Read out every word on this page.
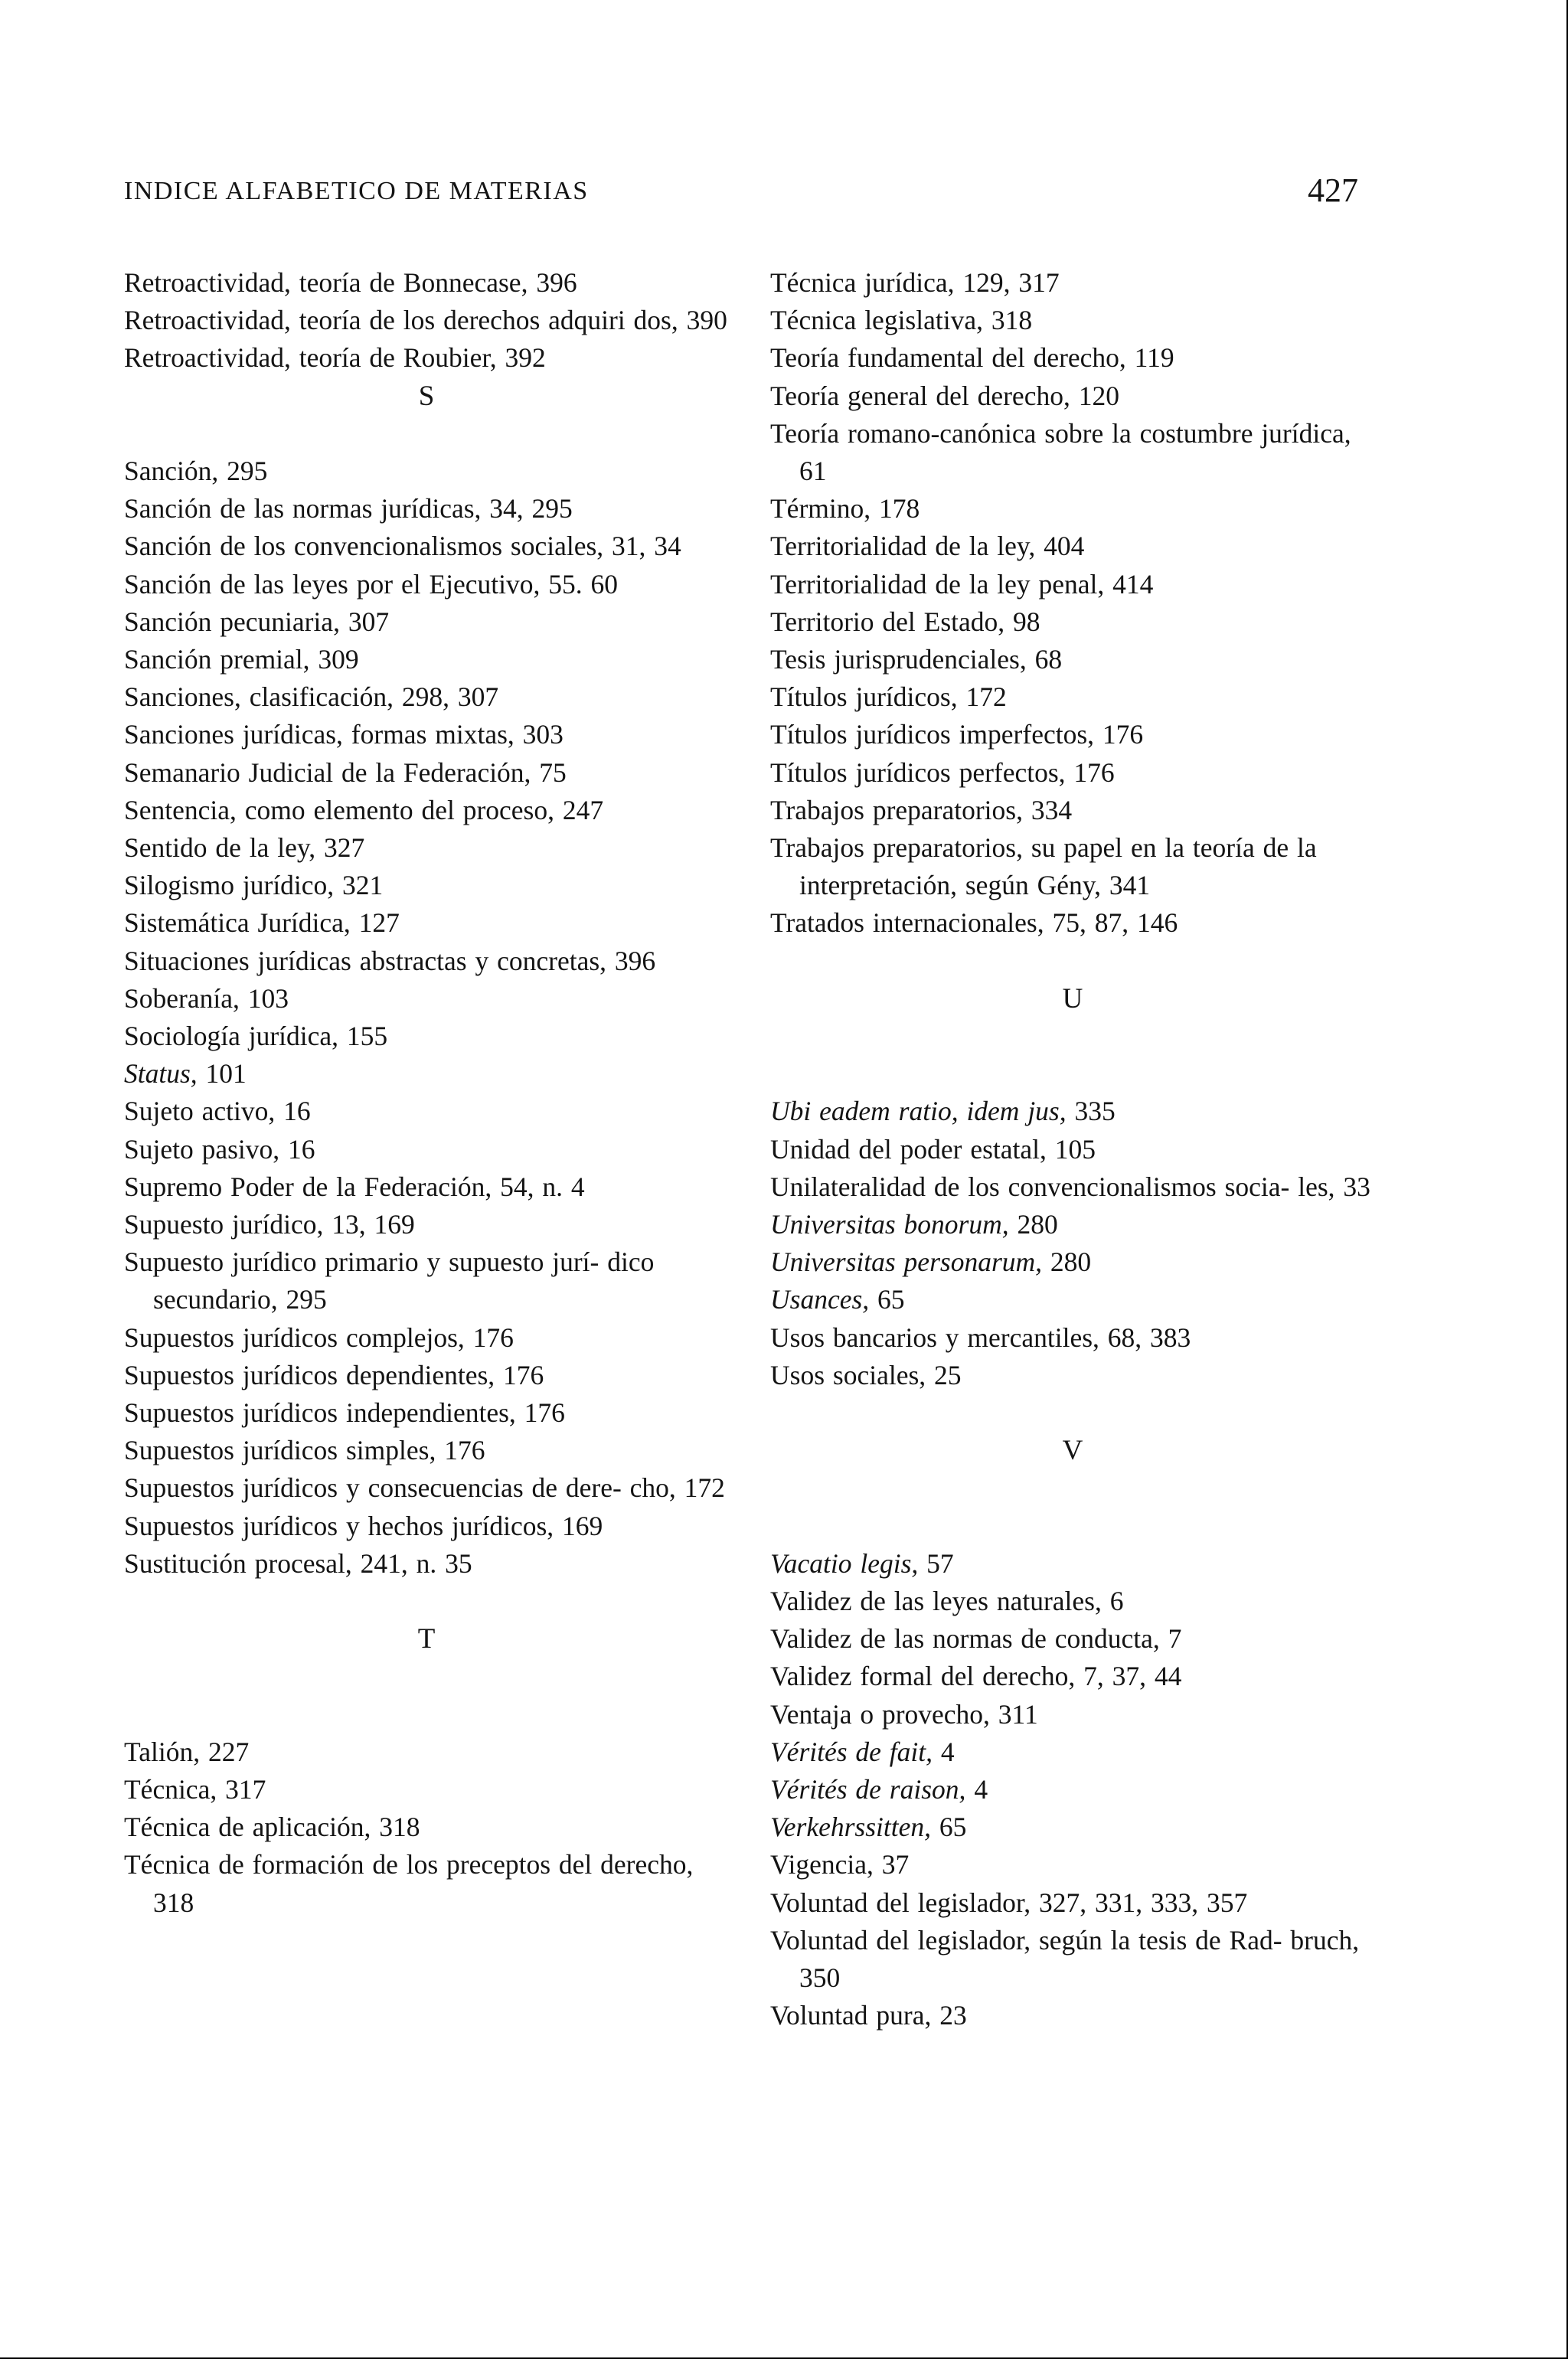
INDICE ALFABETICO DE MATERIAS	427

Retroactividad, teoría de Bonnecase, 396

Retroactividad, teoría de los derechos adquiri dos, 390

Retroactividad, teoría de Roubier, 392

S

Sanción, 295

Sanción de las normas jurídicas, 34, 295

Sanción de los convencionalismos sociales, 31, 34

Sanción de las leyes por el Ejecutivo, 55. 60

Sanción pecuniaria, 307

Sanción premial, 309

Sanciones, clasificación, 298, 307

Sanciones jurídicas, formas mixtas, 303

Semanario Judicial de la Federación, 75

Sentencia, como elemento del proceso, 247

Sentido de la ley, 327

Silogismo jurídico, 321

Sistemática Jurídica, 127

Situaciones jurídicas abstractas y concretas, 396

Soberanía, 103

Sociología jurídica, 155

Status, 101

Sujeto activo, 16

Sujeto pasivo, 16

Supremo Poder de la Federación, 54, n. 4

Supuesto jurídico, 13, 169

Supuesto jurídico primario y supuesto jurí- dico secundario, 295

Supuestos jurídicos complejos, 176

Supuestos jurídicos dependientes, 176

Supuestos jurídicos independientes, 176

Supuestos jurídicos simples, 176

Supuestos jurídicos y consecuencias de dere- cho, 172

Supuestos jurídicos y hechos jurídicos, 169

Sustitución procesal, 241, n. 35

T

Talión, 227

Técnica, 317

Técnica de aplicación, 318

Técnica de formación de los preceptos del derecho, 318

Técnica jurídica, 129, 317

Técnica legislativa, 318

Teoría fundamental del derecho, 119

Teoría general del derecho, 120

Teoría romano-canónica sobre la costumbre jurídica, 61

Término, 178

Territorialidad de la ley, 404

Territorialidad de la ley penal, 414

Territorio del Estado, 98

Tesis jurisprudenciales, 68

Títulos jurídicos, 172

Títulos jurídicos imperfectos, 176

Títulos jurídicos perfectos, 176

Trabajos preparatorios, 334

Trabajos preparatorios, su papel en la teoría de la interpretación, según Gény, 341

Tratados internacionales, 75, 87, 146

U

Ubi eadem ratio, idem jus, 335

Unidad del poder estatal, 105

Unilateralidad de los convencionalismos socia- les, 33

Universitas bonorum, 280

Universitas personarum, 280

Usances, 65

Usos bancarios y mercantiles, 68, 383

Usos sociales, 25

V

Vacatio legis, 57

Validez de las leyes naturales, 6

Validez de las normas de conducta, 7

Validez formal del derecho, 7, 37, 44

Ventaja o provecho, 311

Vérités de fait, 4

Vérités de raison, 4

Verkehrssitten, 65

Vigencia, 37

Voluntad del legislador, 327, 331, 333, 357

Voluntad del legislador, según la tesis de Rad- bruch, 350

Voluntad pura, 23
